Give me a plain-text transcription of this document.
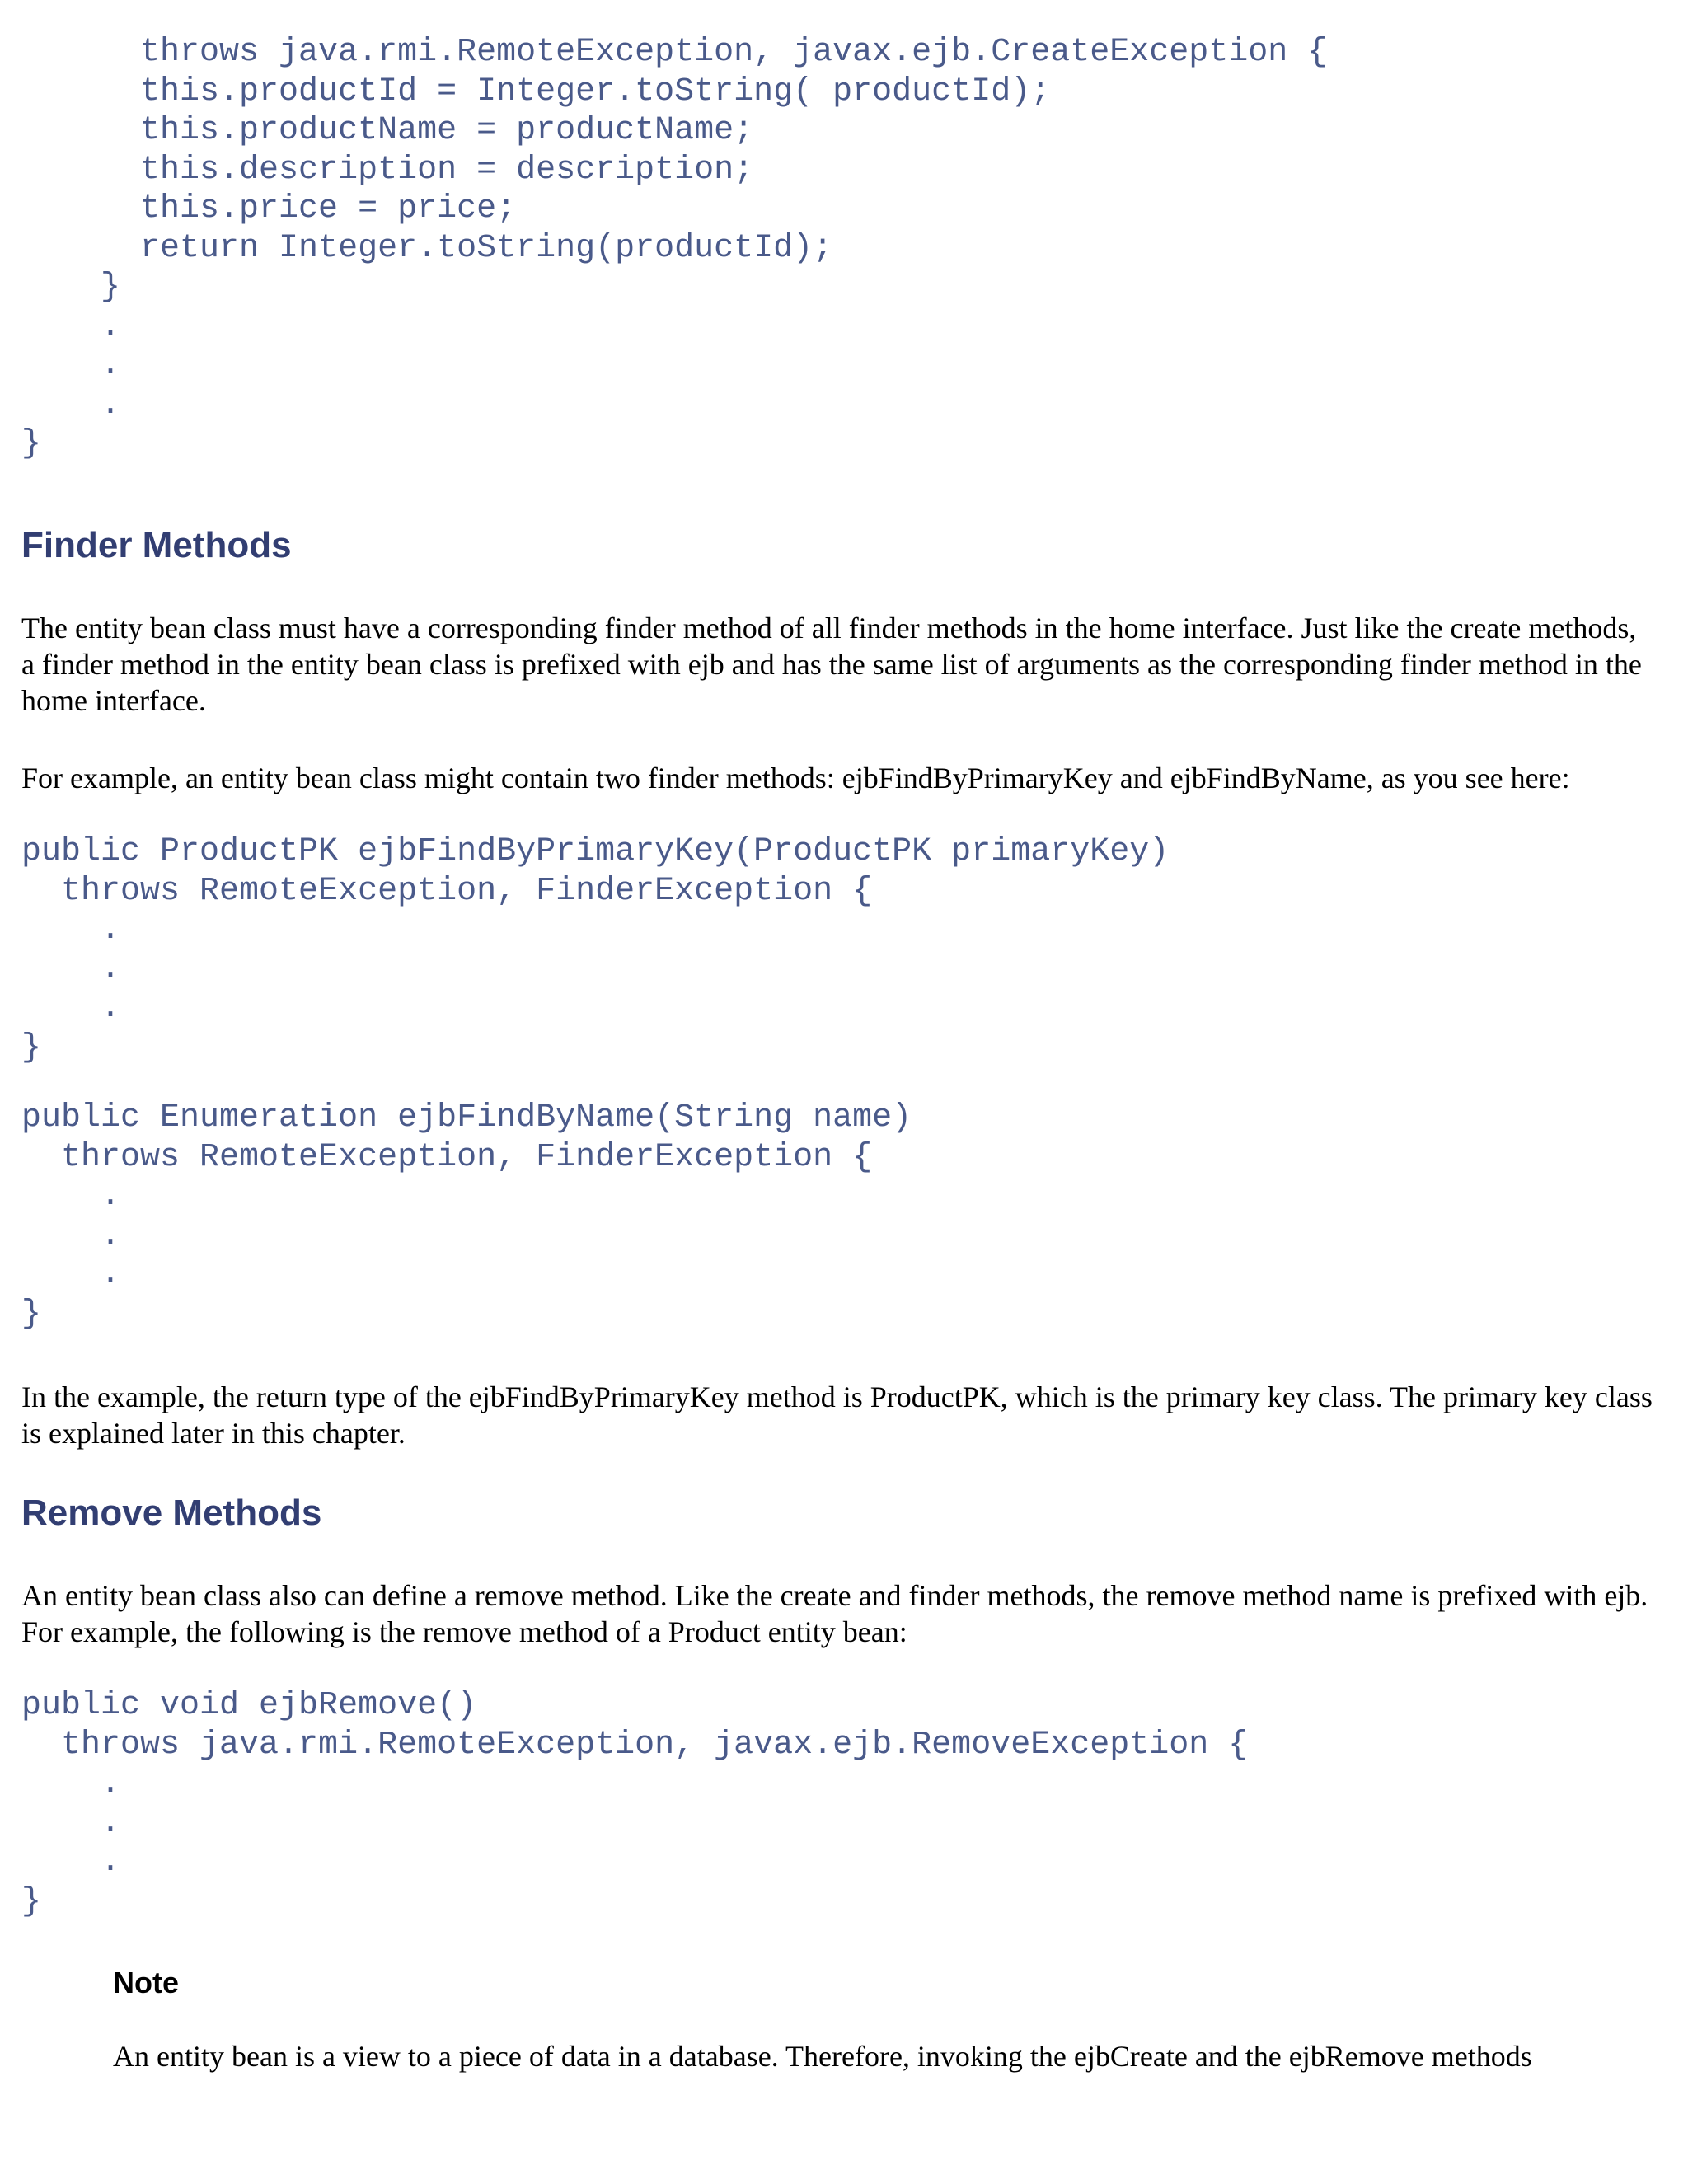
throws java.rmi.RemoteException, javax.ejb.CreateException {
this.productId = Integer.toString( productId);
this.productName = productName;
this.description = description;
this.price = price;
return Integer.toString(productId);
}
.
.
.
}
Finder Methods

The entity bean class must have a corresponding finder method of all finder methods in the home interface. Just like the create methods, a finder method in the entity bean class is prefixed with ejb and has the same list of arguments as the corresponding finder method in the home interface.

For example, an entity bean class might contain two finder methods: ejbFindByPrimaryKey and ejbFindByName, as you see here:

public ProductPK ejbFindByPrimaryKey(ProductPK primaryKey)
throws RemoteException, FinderException {
.
.
.
}
public Enumeration ejbFindByName(String name)
throws RemoteException, FinderException {
.
.
.
}

In the example, the return type of the ejbFindByPrimaryKey method is ProductPK, which is the primary key class. The primary key class is explained later in this chapter.

Remove Methods

An entity bean class also can define a remove method. Like the create and finder methods, the remove method name is prefixed with ejb. For example, the following is the remove method of a Product entity bean:

public void ejbRemove()
throws java.rmi.RemoteException, javax.ejb.RemoveException {
.
.
.
}
Note

An entity bean is a view to a piece of data in a database. Therefore, invoking the ejbCreate and the ejbRemove methods
